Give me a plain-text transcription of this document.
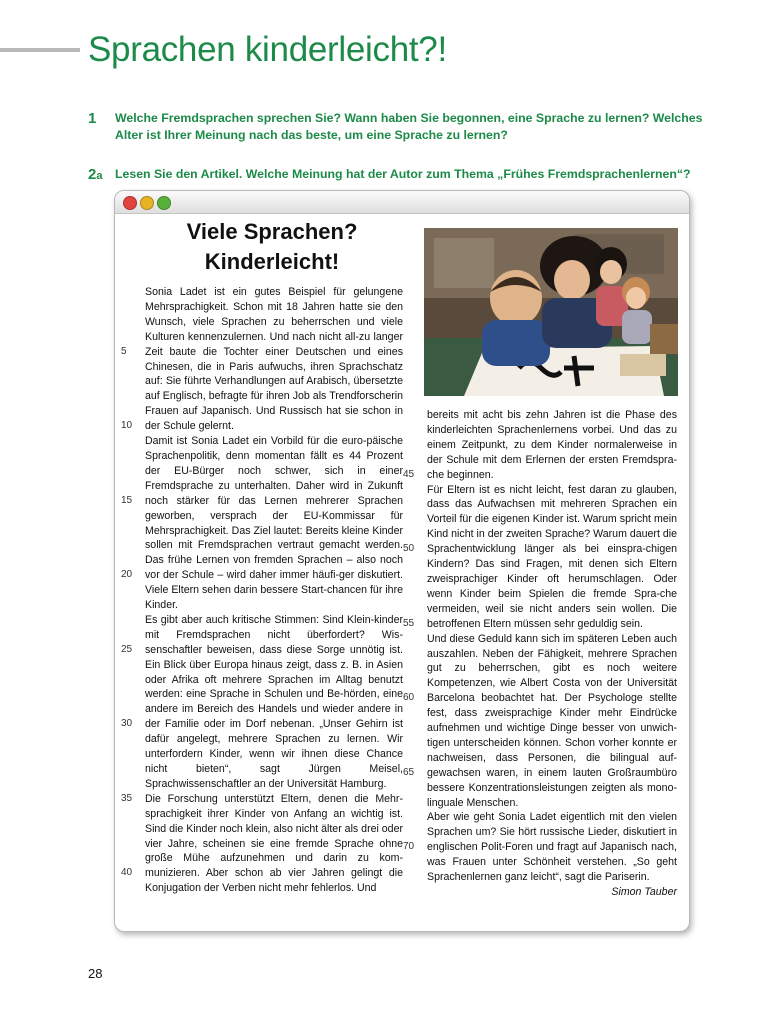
Sprachen kinderleicht?!
1	Welche Fremdsprachen sprechen Sie? Wann haben Sie begonnen, eine Sprache zu lernen? Welches Alter ist Ihrer Meinung nach das beste, um eine Sprache zu lernen?
2a	Lesen Sie den Artikel. Welche Meinung hat der Autor zum Thema „Frühes Fremdsprachenlernen“?
Viele Sprachen?
Kinderleicht!

Sonia Ladet ist ein gutes Beispiel für gelungene Mehrsprachigkeit. Schon mit 18 Jahren hatte sie den Wunsch, viele Sprachen zu beherrschen und viele Kulturen kennenzulernen. Und nach nicht all-zu langer Zeit baute die Tochter einer Deutschen und eines Chinesen, die in Paris aufwuchs, ihren Sprachschatz auf: Sie führte Verhandlungen auf Arabisch, übersetzte auf Englisch, befragte für ihren Job als Trendforscherin Frauen auf Japanisch. Und Russisch hat sie schon in der Schule gelernt.

Damit ist Sonia Ladet ein Vorbild für die euro-päische Sprachenpolitik, denn momentan fällt es 44 Prozent der EU-Bürger noch schwer, sich in einer Fremdsprache zu unterhalten. Daher wird in Zukunft noch stärker für das Lernen mehrerer Sprachen geworben, versprach der EU-Kommissar für Mehrsprachigkeit. Das Ziel lautet: Bereits kleine Kinder sollen mit Fremdsprachen vertraut gemacht werden. Das frühe Lernen von fremden Sprachen – also noch vor der Schule – wird daher immer häufi-ger diskutiert. Viele Eltern sehen darin bessere Start-chancen für ihre Kinder.

Es gibt aber auch kritische Stimmen: Sind Klein-kinder mit Fremdsprachen nicht überfordert? Wis-senschaftler beweisen, dass diese Sorge unnötig ist. Ein Blick über Europa hinaus zeigt, dass z. B. in Asien oder Afrika oft mehrere Sprachen im Alltag benutzt werden: eine Sprache in Schulen und Be-hörden, eine andere im Bereich des Handels und wieder andere in der Familie oder im Dorf nebenan. „Unser Gehirn ist dafür angelegt, mehrere Sprachen zu lernen. Wir unterfordern Kinder, wenn wir ihnen diese Chance nicht bieten“, sagt Jürgen Meisel, Sprachwissenschaftler an der Universität Hamburg.

Die Forschung unterstützt Eltern, denen die Mehr-sprachigkeit ihrer Kinder von Anfang an wichtig ist. Sind die Kinder noch klein, also nicht älter als drei oder vier Jahre, scheinen sie eine fremde Sprache ohne große Mühe aufzunehmen und darin zu kom-munizieren. Aber schon ab vier Jahren gelingt die Konjugation der Verben nicht mehr fehlerlos. Und

5
10
15
20
25
30
35
40

bereits mit acht bis zehn Jahren ist die Phase des kinderleichten Sprachenlernens vorbei. Und das zu einem Zeitpunkt, zu dem Kinder normalerweise in der Schule mit dem Erlernen der ersten Fremdspra-che beginnen.

Für Eltern ist es nicht leicht, fest daran zu glauben, dass das Aufwachsen mit mehreren Sprachen ein Vorteil für die eigenen Kinder ist. Warum spricht mein Kind nicht in der zweiten Sprache? Warum dauert die Sprachentwicklung länger als bei einspra-chigen Kindern? Das sind Fragen, mit denen sich Eltern zweisprachiger Kinder oft herumschlagen. Oder wenn Kinder beim Spielen die fremde Spra-che vermeiden, weil sie nicht anders sein wollen. Die betroffenen Eltern müssen sehr geduldig sein.

Und diese Geduld kann sich im späteren Leben auch auszahlen. Neben der Fähigkeit, mehrere Sprachen gut zu beherrschen, gibt es noch weitere Kompetenzen, wie Albert Costa von der Universität Barcelona beobachtet hat. Der Psychologe stellte fest, dass zweisprachige Kinder mehr Eindrücke aufnehmen und wichtige Dinge besser von unwich-tigen unterscheiden können. Schon vorher konnte er nachweisen, dass Personen, die bilingual auf-gewachsen waren, in einem lauten Großraumbüro bessere Konzentrationsleistungen zeigten als mono-linguale Menschen.

Aber wie geht Sonia Ladet eigentlich mit den vielen Sprachen um? Sie hört russische Lieder, diskutiert in englischen Polit-Foren und fragt auf Japanisch nach, was Frauen unter Schönheit verstehen. „So geht Sprachenlernen ganz leicht“, sagt die Pariserin.

Simon Tauber

45
50
55
60
65
70
28
